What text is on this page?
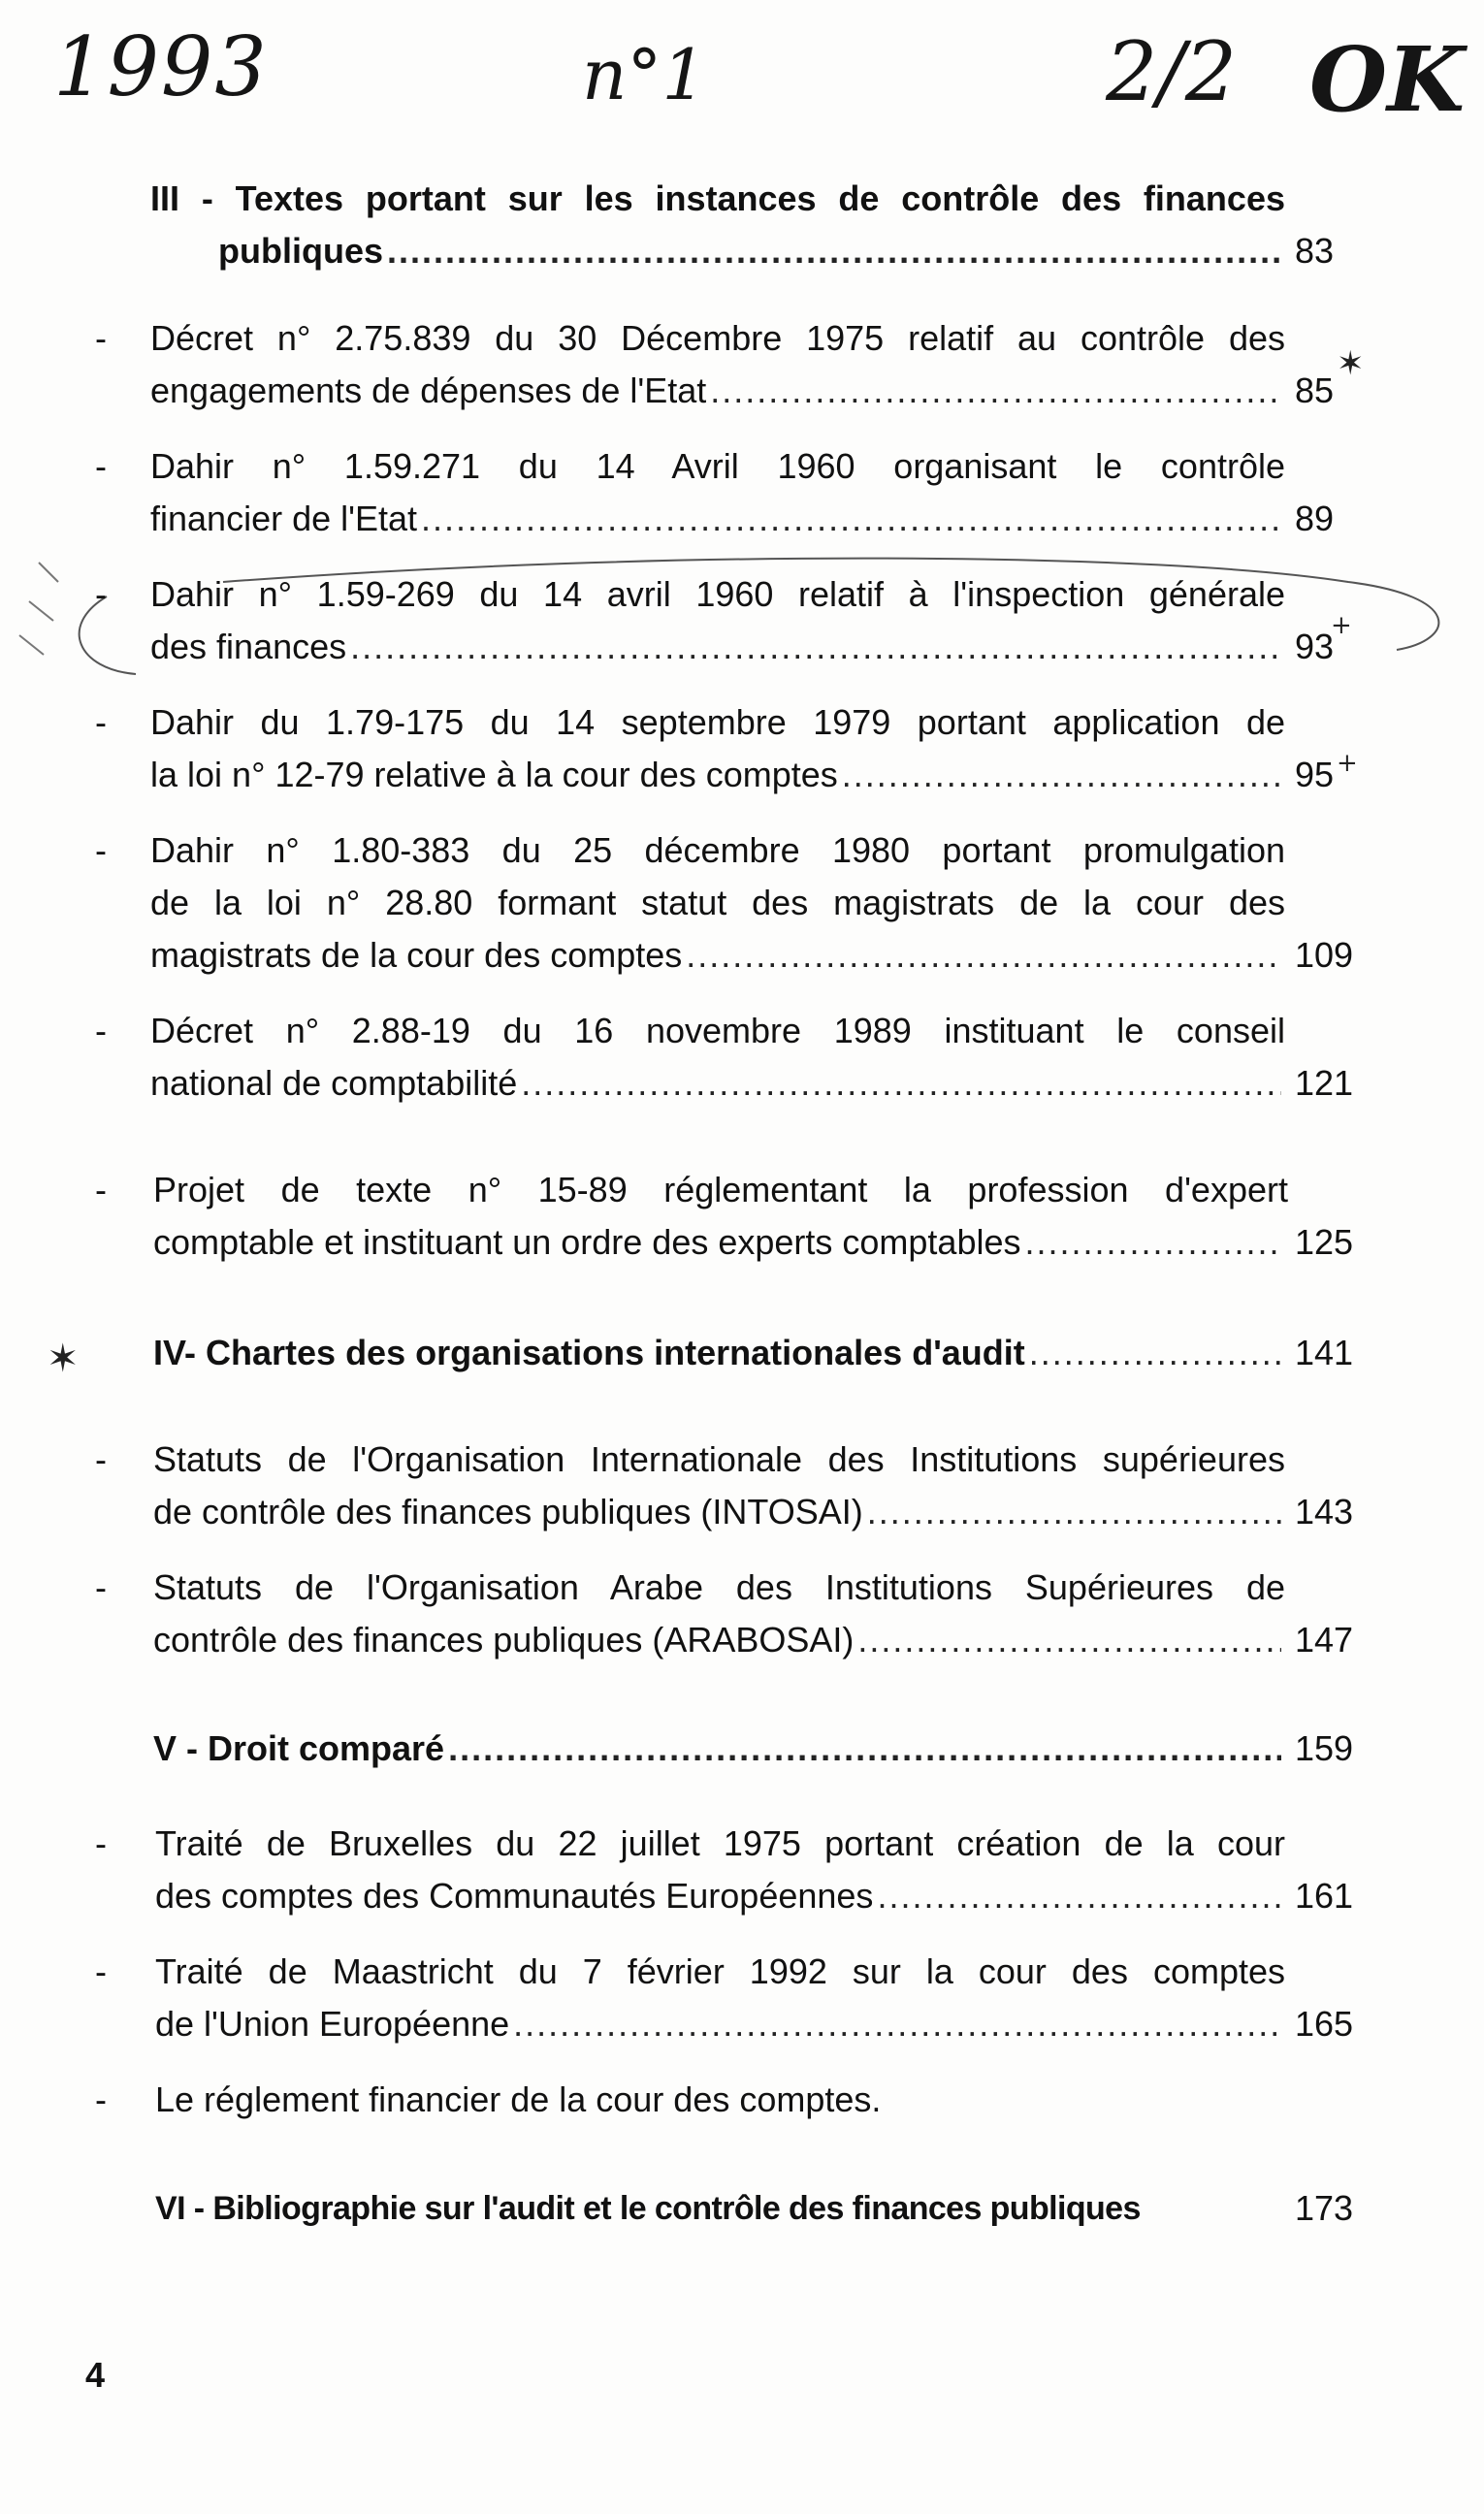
1993	n°1	2/2 OK
III - Textes portant sur les instances de contrôle des finances
publiques .....	83
- Décret n° 2.75.839 du 30 Décembre 1975 relatif au contrôle des
engagements de dépenses de l'Etat .....	85
✶
- Dahir n° 1.59.271 du 14 Avril 1960 organisant le contrôle
financier de l'Etat .....	89
- Dahir n° 1.59-269 du 14 avril 1960 relatif à l'inspection générale
des finances .....	93
+
- Dahir du 1.79-175 du 14 septembre 1979 portant application de
la loi n° 12-79 relative à la cour des comptes .....	95 +
- Dahir n° 1.80-383 du 25 décembre 1980 portant promulgation
de la loi n° 28.80 formant statut des magistrats de la cour des
magistrats de la cour des comptes .....	109
- Décret n° 2.88-19 du 16 novembre 1989 instituant le conseil
national de comptabilité .....	121
- Projet de texte n° 15-89 réglementant la profession d'expert
comptable et instituant un ordre des experts comptables .....	125
✶ IV- Chartes des organisations internationales d'audit .....	141
- Statuts de l'Organisation Internationale des Institutions supérieures
de contrôle des finances publiques (INTOSAI) .....	143
- Statuts de l'Organisation Arabe des Institutions Supérieures de
contrôle des finances publiques (ARABOSAI) .....	147
V - Droit comparé .....	159
- Traité de Bruxelles du 22 juillet 1975 portant création de la cour
des comptes des Communautés Européennes .....	161
- Traité de Maastricht du 7 février 1992 sur la cour des comptes
de l'Union Européenne .....	165
- Le réglement financier de la cour des comptes.
VI - Bibliographie sur l'audit et le contrôle des finances publiques	173
4
